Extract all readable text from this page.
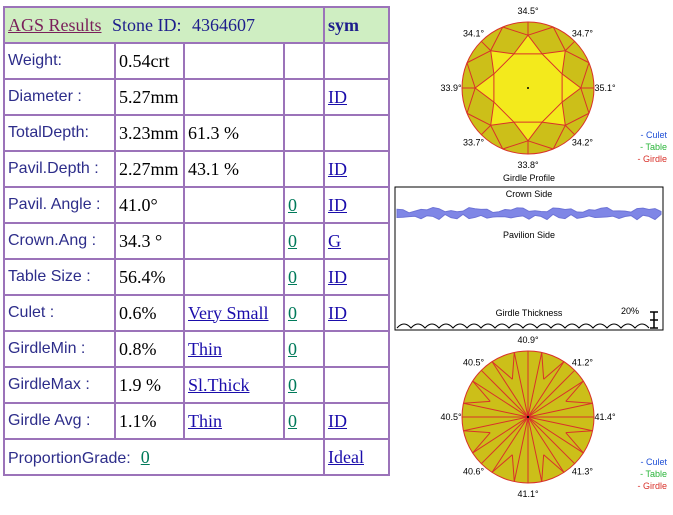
AGS Results Stone ID: 4364607				sym
Weight:	0.54crt			
Diameter :	5.27mm			ID
TotalDepth:	3.23mm	61.3 %		
Pavil.Depth :	2.27mm	43.1 %		ID
Pavil. Angle :	41.0°		0	ID
Crown.Ang :	34.3 °		0	G
Table Size :	56.4%		0	ID
Culet :	0.6%	Very Small	0	ID
GirdleMin :	0.8%	Thin	0	
GirdleMax :	1.9 %	Sl.Thick	0	
Girdle Avg :	1.1%	Thin	0	ID
ProportionGrade: 0				Ideal
34.5°
34.7°
35.1°
34.2°
33.8°
33.7°
33.9°
34.1°
- Culet
- Table
- Girdle
Girdle Profile
Crown Side
Pavilion Side
Girdle Thickness	20%
40.9°
41.2°
41.4°
41.3°
41.1°
40.6°
40.5°
40.5°
- Culet
- Table
- Girdle
